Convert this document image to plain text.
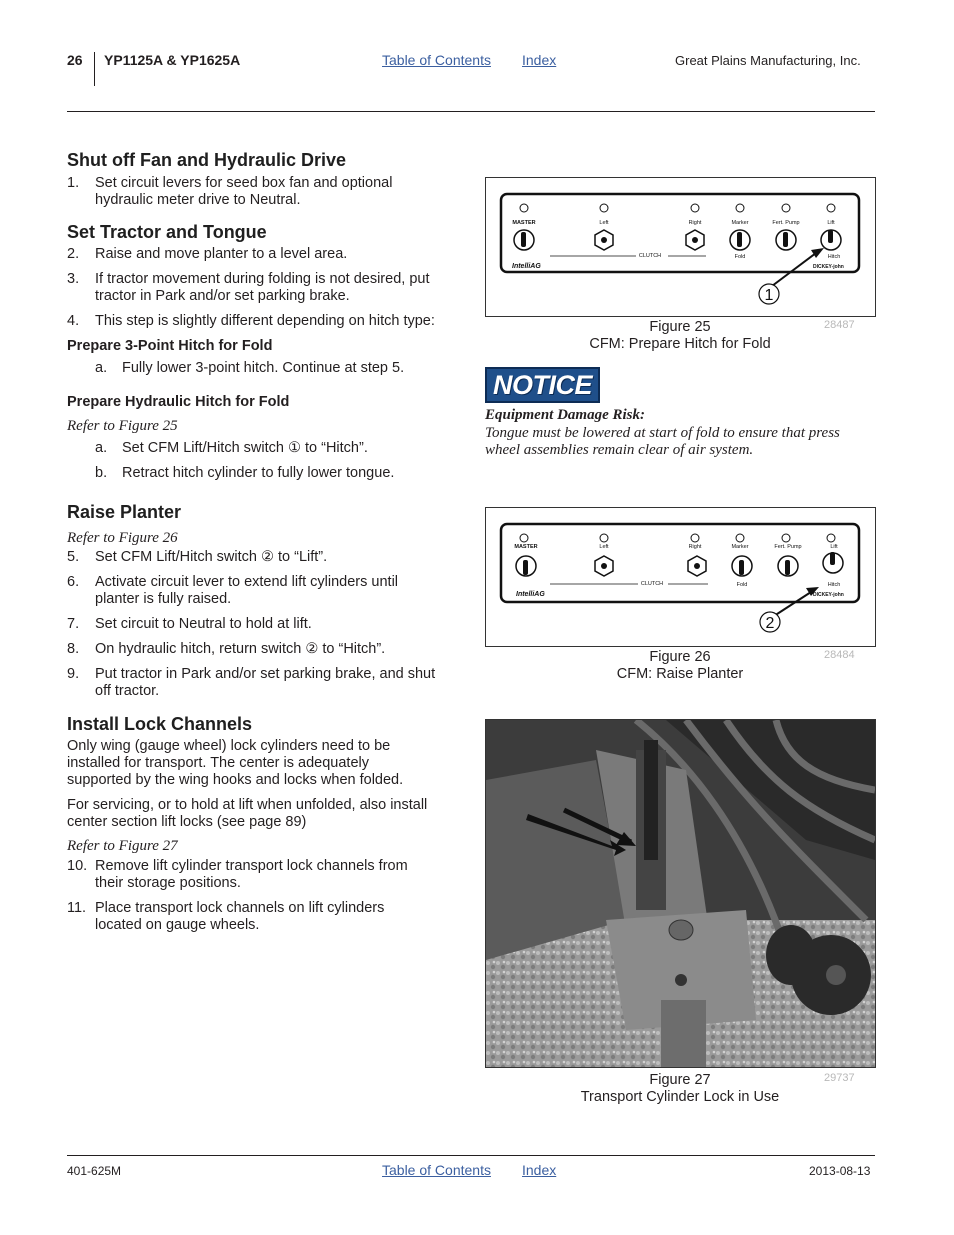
26 YP1125A & YP1625A	Table of Contents Index	Great Plains Manufacturing, Inc.
Shut off Fan and Hydraulic Drive
1. Set circuit levers for seed box fan and optional
hydraulic meter drive to Neutral.
Set Tractor and Tongue
2. Raise and move planter to a level area.
3. If tractor movement during folding is not desired, put
tractor in Park and/or set parking brake.
4. This step is slightly different depending on hitch type:
Prepare 3-Point Hitch for Fold
a. Fully lower 3-point hitch. Continue at step 5.
Prepare Hydraulic Hitch for Fold
Refer to Figure 25
a. Set CFM Lift/Hitch switch ① to “Hitch”.
b. Retract hitch cylinder to fully lower tongue.
Raise Planter
Refer to Figure 26
5. Set CFM Lift/Hitch switch ② to “Lift”.
6. Activate circuit lever to extend lift cylinders until
planter is fully raised.
7. Set circuit to Neutral to hold at lift.
8. On hydraulic hitch, return switch ② to “Hitch”.
9. Put tractor in Park and/or set parking brake, and shut
off tractor.
Install Lock Channels
Only wing (gauge wheel) lock cylinders need to be
installed for transport. The center is adequately
supported by the wing hooks and locks when folded.
For servicing, or to hold at lift when unfolded, also install
center section lift locks (see page 89)
Refer to Figure 27
10. Remove lift cylinder transport lock channels from
their storage positions.
11. Place transport lock channels on lift cylinders
located on gauge wheels.
MASTER	Left	Right	Marker	Fert. Pump	Lift
Fold	Hitch
CLUTCH
IntelliAG	DICKEY-john
1
Figure 25
CFM: Prepare Hitch for Fold
28487
NOTICE
Equipment Damage Risk:
Tongue must be lowered at start of fold to ensure that press
wheel assemblies remain clear of air system.
MASTER	Left	Right	Marker	Fert. Pump	Lift
Fold	Hitch
CLUTCH
IntelliAG	DICKEY-john
2
Figure 26
CFM: Raise Planter
28484
Figure 27
Transport Cylinder Lock in Use
29737
401-625M	Table of Contents Index	2013-08-13
